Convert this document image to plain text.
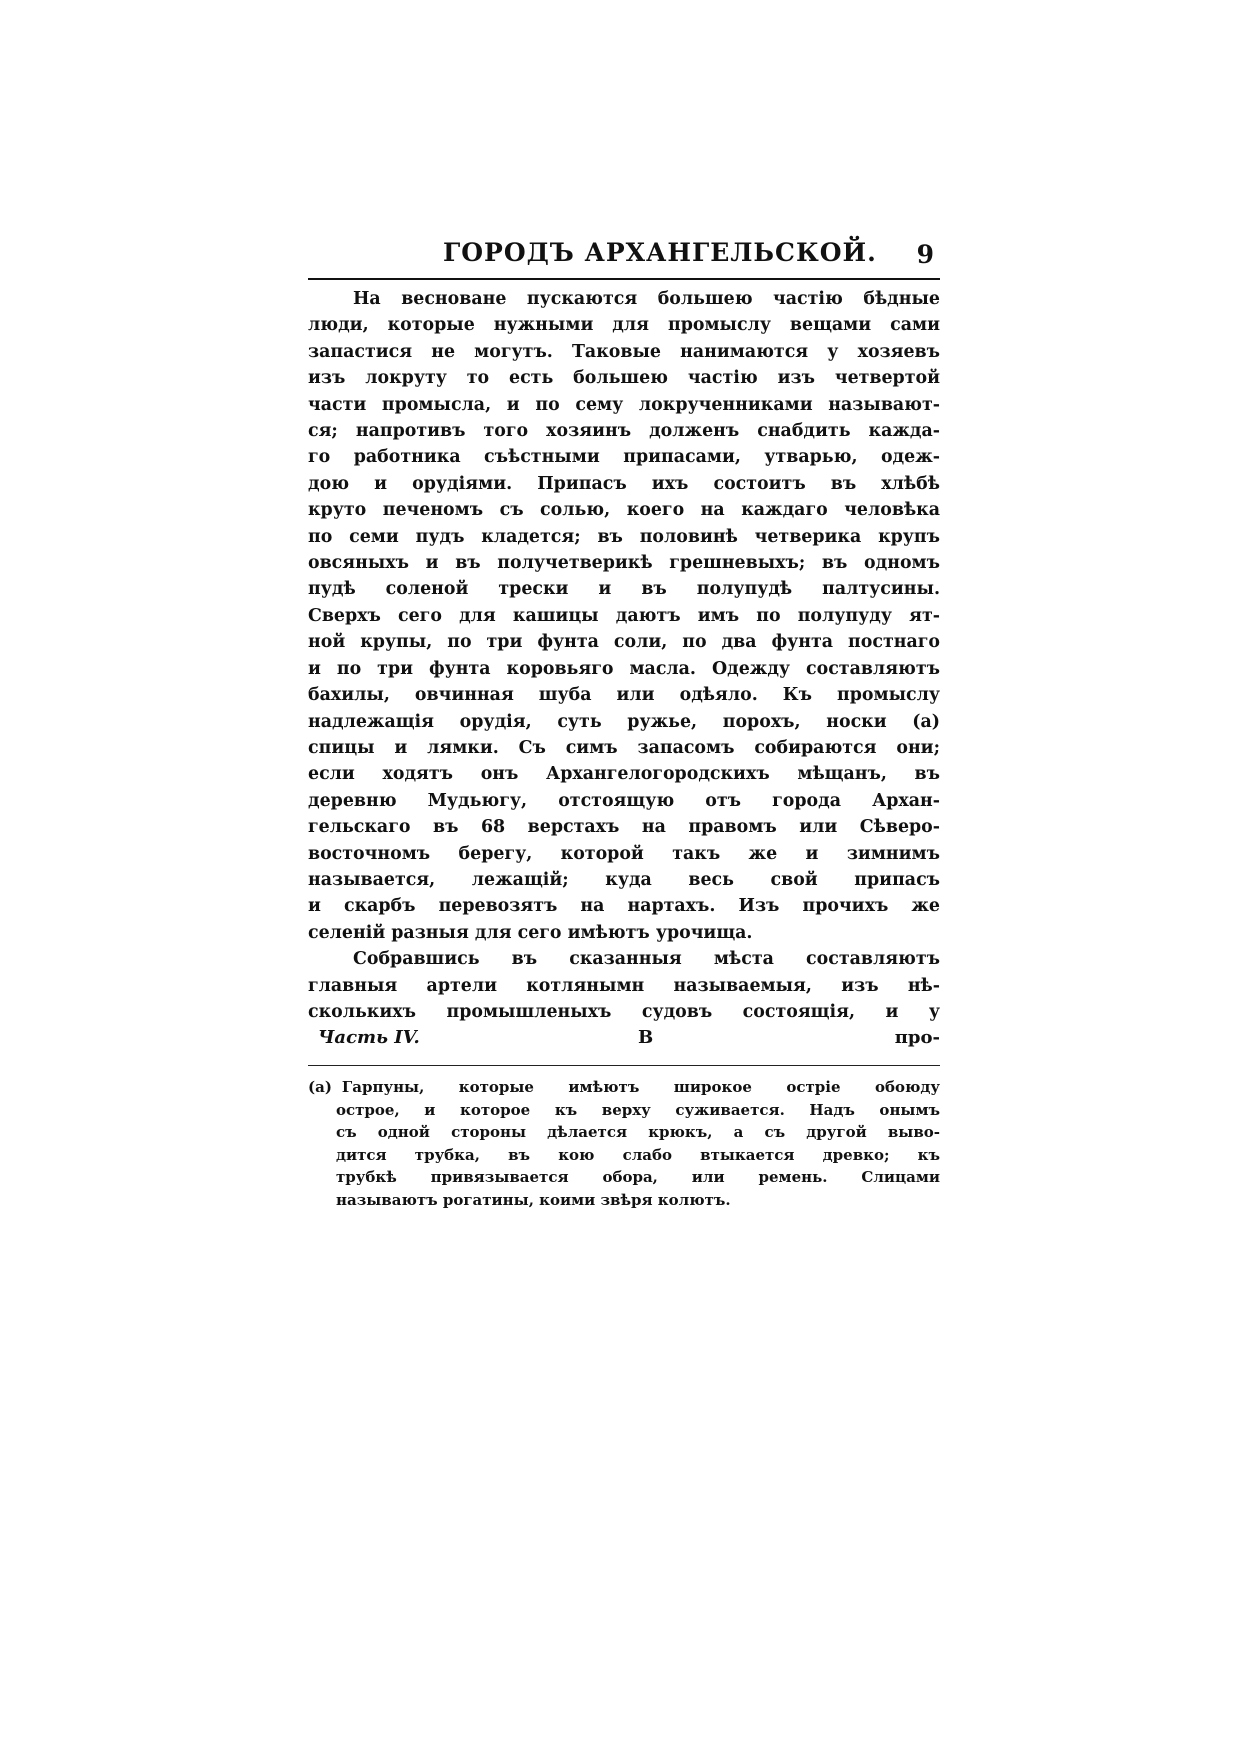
ГОРОДЪ АРХАНГЕЛЬСКОЙ. 9
На весноване пускаются большею частію бѣдные
люди, которые нужными для промыслу вещами сами
запастися не могутъ. Таковые нанимаются у хозяевъ
изъ локруту то есть большею частію изъ четвертой
части промысла, и по сему локрученниками называют-
ся; напротивъ того хозяинъ долженъ снабдить каждa-
го работника съѣстными припасами, утварью, одеж-
дою и орудіями. Припасъ ихъ состоитъ въ хлѣбѣ
круто печеномъ съ солью, коего на каждаго человѣка
по семи пудъ кладется; въ половинѣ четверика крупъ
овсяныхъ и въ получетверикѣ грешневыхъ; въ одномъ
пудѣ соленой трески и въ полупудѣ палтусины.
Сверхъ сего для кашицы даютъ имъ по полупуду ят-
ной крупы, по три фунта соли, по два фунта постнаго
и по три фунта коровьяго масла. Одежду составляютъ
бахилы, овчинная шуба или одѣяло. Къ промыслу
надлежащія орудія, суть ружье, порохъ, носки (а)
спицы и лямки. Съ симъ запасомъ собираются они;
если ходятъ онъ Архангелогородскихъ мѣщанъ, въ
деревню Мудьюгу, отстоящую отъ города Архан-
гельскаго въ 68 верстахъ на правомъ или Сѣверо-
восточномъ берегу, которой такъ же и зимнимъ
называется, лежащій; куда весь свой припасъ
и скарбъ перевозятъ на нартахъ. Изъ прочихъ же
селеній разныя для сего имѣютъ урочища.
Собравшись въ сказанныя мѣста составляютъ
главныя артели котлянымн называемыя, изъ нѣ-
сколькихъ промышленыхъ судовъ состоящія, и у
Часть IV.	В	про-
(а) Гарпуны, которые имѣютъ широкое остріе обоюду
острое, и которое къ верху суживается. Надъ онымъ
съ одной стороны дѣлается крюкъ, а съ другой выво-
дится трубка, въ кою слабо втыкается древко; къ
трубкѣ привязывается обора, или ремень. Слицами
называютъ рогатины, коими звѣря колютъ.
